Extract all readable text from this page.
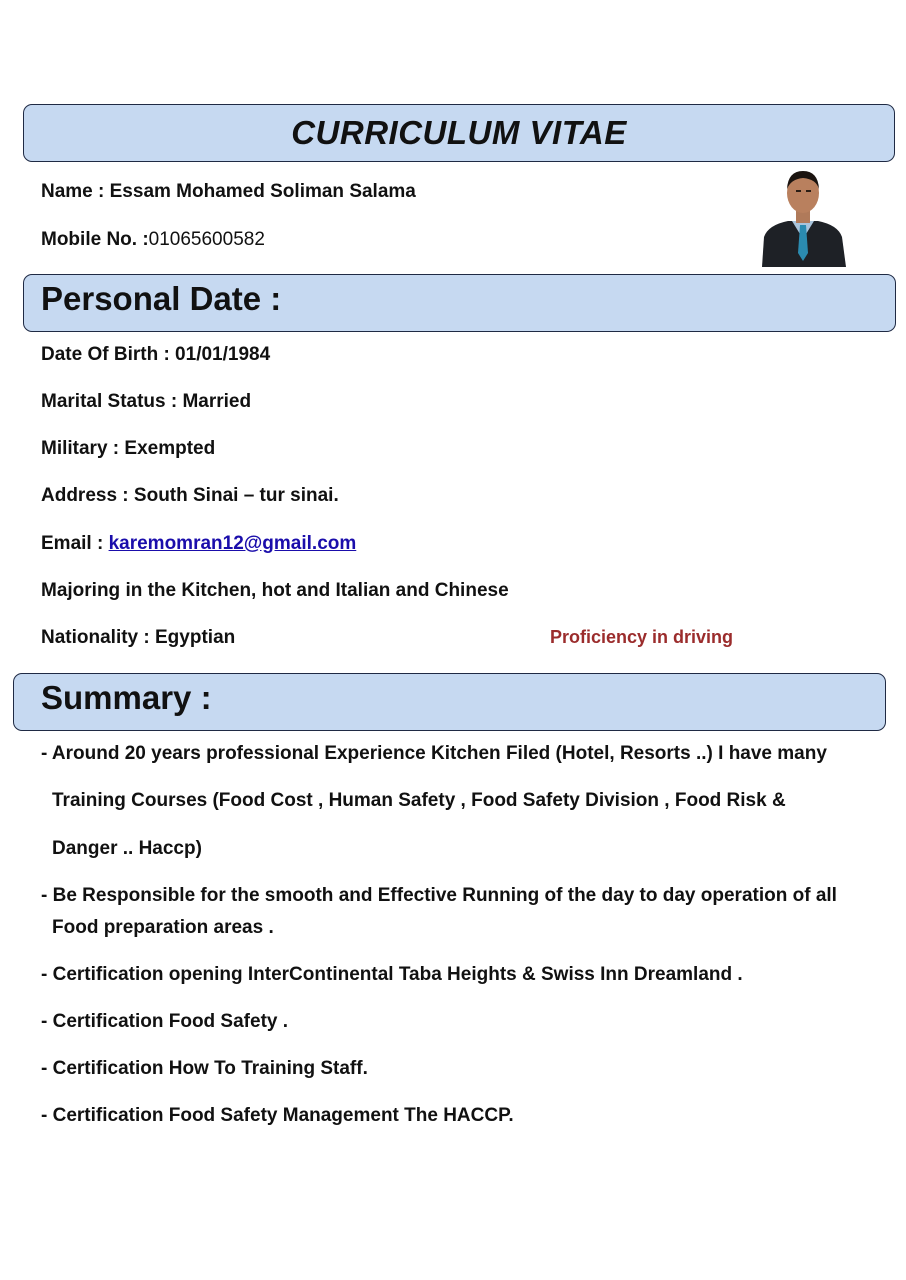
CURRICULUM VITAE
Name : Essam Mohamed Soliman Salama
Mobile No. :01065600582
Personal Date :
Date Of Birth : 01/01/1984
Marital Status : Married
Military : Exempted
Address : South Sinai – tur sinai.
Email : karemomran12@gmail.com
Majoring in the Kitchen, hot and Italian and Chinese
Nationality : Egyptian	Proficiency in driving
Summary :
- Around 20 years professional Experience Kitchen Filed (Hotel, Resorts ..) I have many
Training Courses (Food Cost , Human Safety , Food Safety Division , Food Risk &
Danger .. Haccp)
- Be Responsible for the smooth and Effective Running of the day to day operation of all
Food preparation areas .
- Certification opening InterContinental Taba Heights & Swiss Inn Dreamland .
- Certification Food Safety .
- Certification How To Training Staff.
- Certification Food Safety Management The HACCP.
